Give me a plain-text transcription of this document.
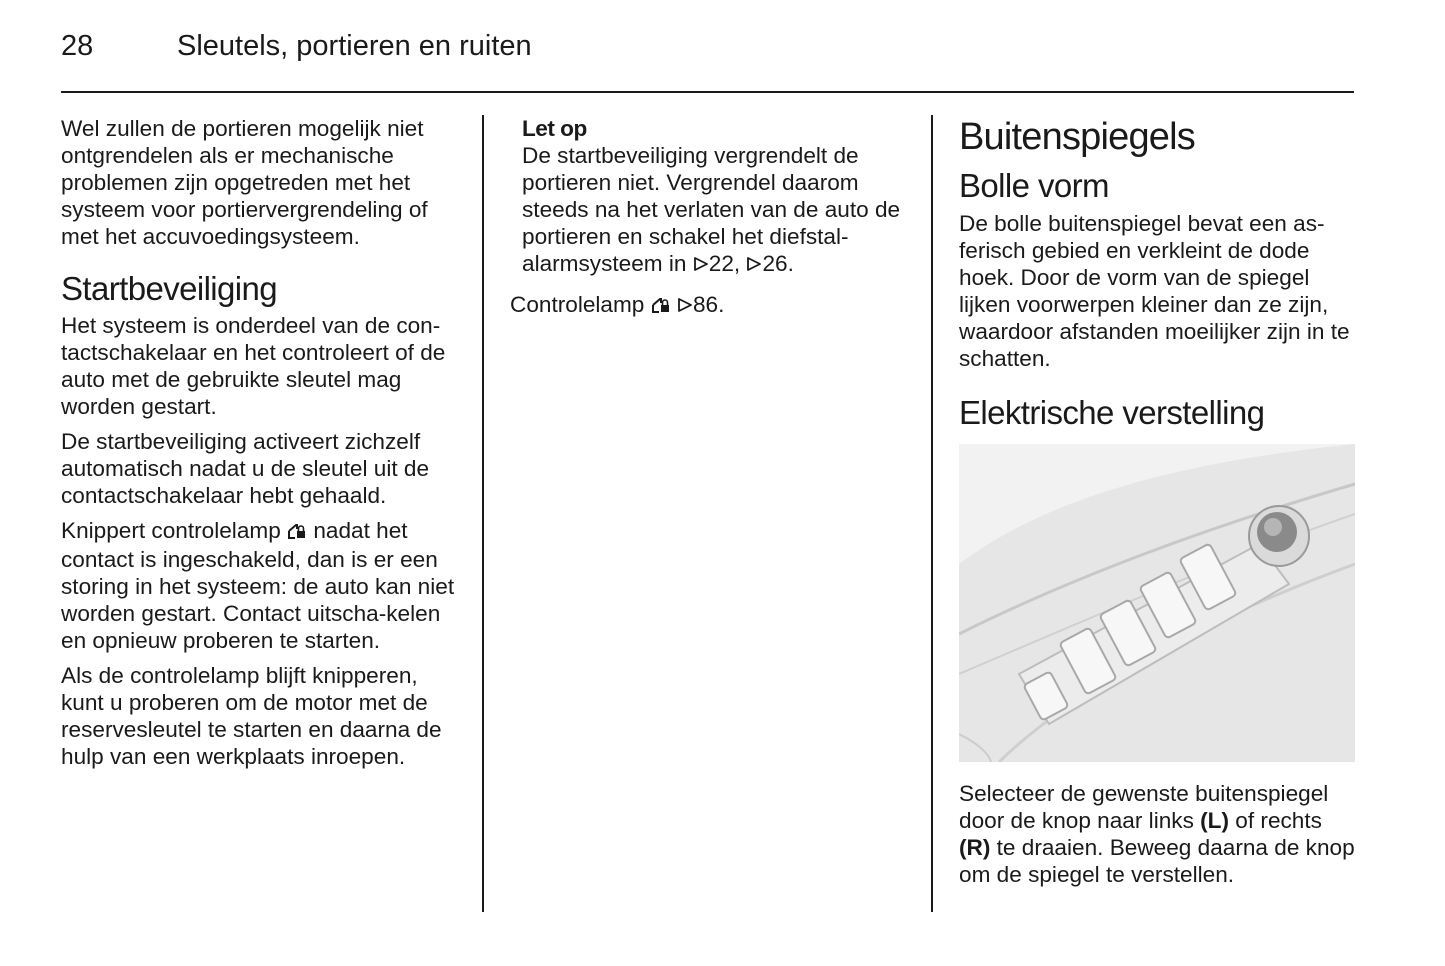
28	Sleutels, portieren en ruiten

Wel zullen de portieren mogelijk niet ontgrendelen als er mechanische problemen zijn opgetreden met het systeem voor portiervergrendeling of met het accuvoedingsysteem.

Startbeveiliging

Het systeem is onderdeel van de con-tactschakelaar en het controleert of de auto met de gebruikte sleutel mag worden gestart.

De startbeveiliging activeert zichzelf automatisch nadat u de sleutel uit de contactschakelaar hebt gehaald.

Knippert controlelamp nadat het contact is ingeschakeld, dan is er een storing in het systeem: de auto kan niet worden gestart. Contact uitscha-kelen en opnieuw proberen te starten.

Als de controlelamp blijft knipperen, kunt u proberen om de motor met de reservesleutel te starten en daarna de hulp van een werkplaats inroepen.

Let op

De startbeveiliging vergrendelt de portieren niet. Vergrendel daarom steeds na het verlaten van de auto de portieren en schakel het diefstal-alarmsysteem in 22, 26.

Controlelamp 86.

Buitenspiegels
Bolle vorm

De bolle buitenspiegel bevat een as-ferisch gebied en verkleint de dode hoek. Door de vorm van de spiegel lijken voorwerpen kleiner dan ze zijn, waardoor afstanden moeilijker zijn in te schatten.

Elektrische verstelling

Selecteer de gewenste buitenspiegel door de knop naar links (L) of rechts (R) te draaien. Beweeg daarna de knop om de spiegel te verstellen.
